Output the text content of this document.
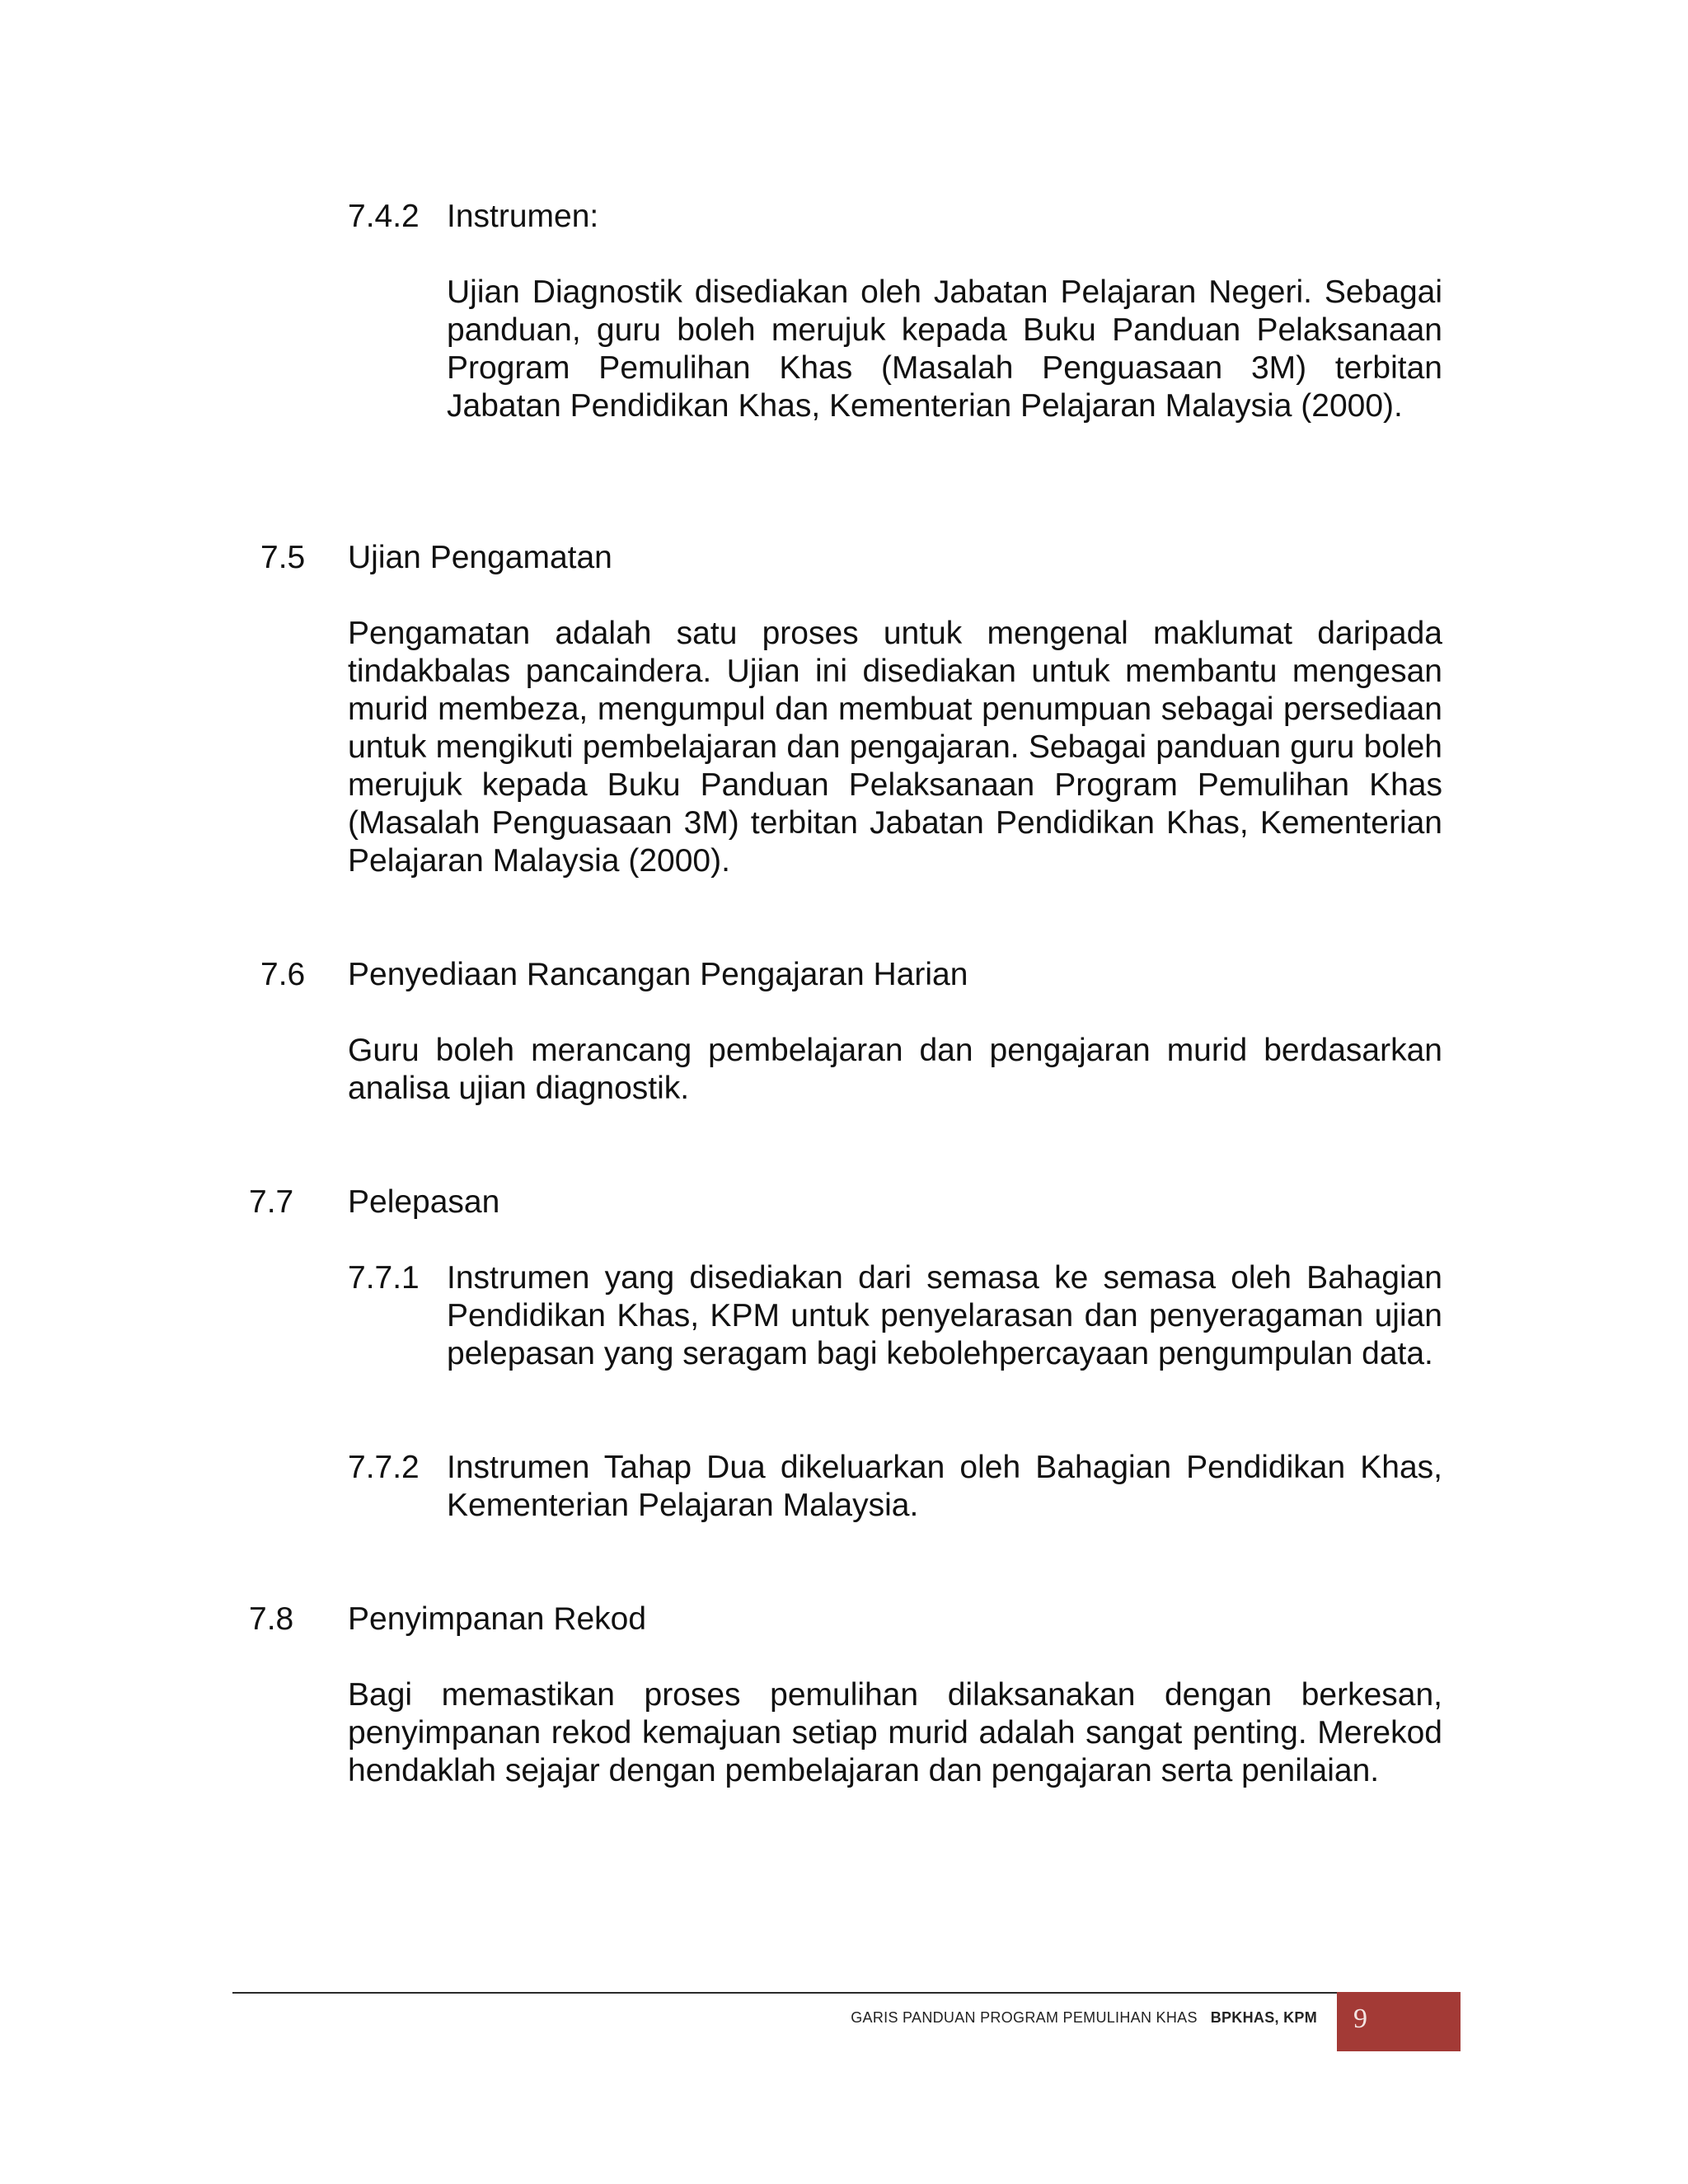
7.4.2 Instrumen:

Ujian Diagnostik disediakan oleh Jabatan Pelajaran Negeri. Sebagai panduan, guru boleh merujuk kepada Buku Panduan Pelaksanaan Program Pemulihan Khas (Masalah Penguasaan 3M) terbitan Jabatan Pendidikan Khas, Kementerian Pelajaran Malaysia (2000).

7.5 Ujian Pengamatan

Pengamatan adalah satu proses untuk mengenal maklumat daripada tindakbalas pancaindera. Ujian ini disediakan untuk membantu mengesan murid membeza, mengumpul dan membuat penumpuan sebagai persediaan untuk mengikuti pembelajaran dan pengajaran. Sebagai panduan guru boleh merujuk kepada Buku Panduan Pelaksanaan Program Pemulihan Khas (Masalah Penguasaan 3M) terbitan Jabatan Pendidikan Khas, Kementerian Pelajaran Malaysia (2000).

7.6 Penyediaan Rancangan Pengajaran Harian

Guru boleh merancang pembelajaran dan pengajaran murid berdasarkan analisa ujian diagnostik.

7.7 Pelepasan
7.7.1 Instrumen yang disediakan dari semasa ke semasa oleh Bahagian Pendidikan Khas, KPM untuk penyelarasan dan penyeragaman ujian pelepasan yang seragam bagi kebolehpercayaan pengumpulan data.

7.7.2 Instrumen Tahap Dua dikeluarkan oleh Bahagian Pendidikan Khas, Kementerian Pelajaran Malaysia.

7.8 Penyimpanan Rekod

Bagi memastikan proses pemulihan dilaksanakan dengan berkesan, penyimpanan rekod kemajuan setiap murid adalah sangat penting. Merekod hendaklah sejajar dengan pembelajaran dan pengajaran serta penilaian.

GARIS PANDUAN PROGRAM PEMULIHAN KHAS BPKHAS, KPM 9
